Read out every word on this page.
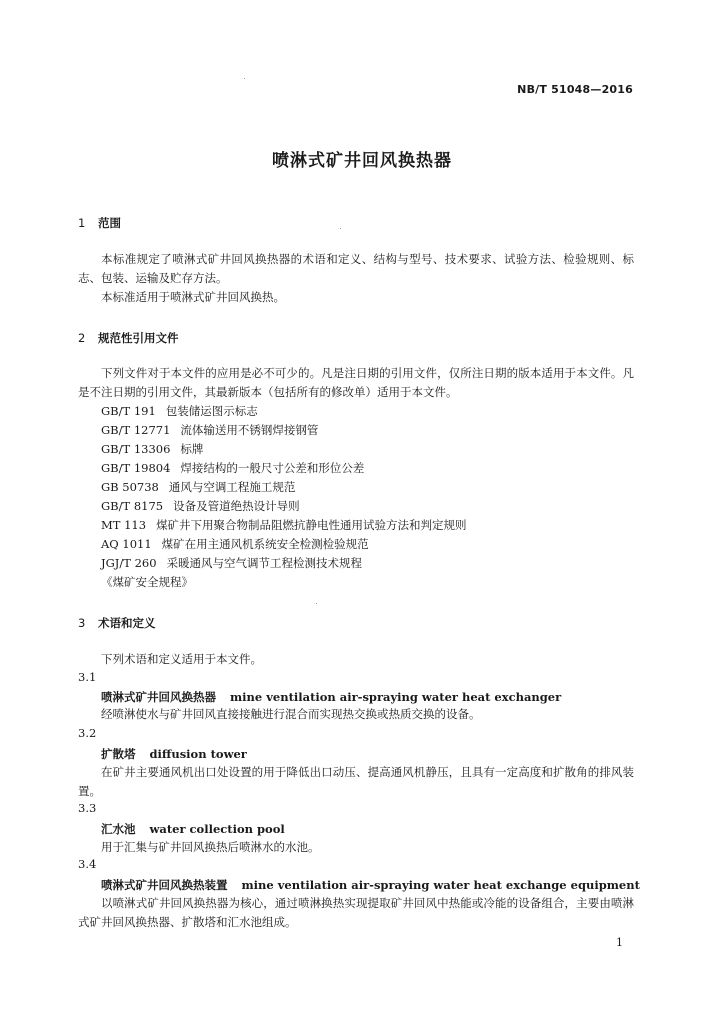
NB/T 51048—2016
喷淋式矿井回风换热器
1 范围
本标准规定了喷淋式矿井回风换热器的术语和定义、结构与型号、技术要求、试验方法、检验规则、标志、包装、运输及贮存方法。
本标准适用于喷淋式矿井回风换热。
2 规范性引用文件
下列文件对于本文件的应用是必不可少的。凡是注日期的引用文件，仅所注日期的版本适用于本文件。凡是不注日期的引用文件，其最新版本（包括所有的修改单）适用于本文件。
GB/T 191 包装储运图示标志
GB/T 12771 流体输送用不锈钢焊接钢管
GB/T 13306 标牌
GB/T 19804 焊接结构的一般尺寸公差和形位公差
GB 50738 通风与空调工程施工规范
GB/T 8175 设备及管道绝热设计导则
MT 113 煤矿井下用聚合物制品阻燃抗静电性通用试验方法和判定规则
AQ 1011 煤矿在用主通风机系统安全检测检验规范
JGJ/T 260 采暖通风与空气调节工程检测技术规程
《煤矿安全规程》
3 术语和定义
下列术语和定义适用于本文件。
3.1
喷淋式矿井回风换热器 mine ventilation air-spraying water heat exchanger
经喷淋使水与矿井回风直接接触进行混合而实现热交换或热质交换的设备。
3.2
扩散塔 diffusion tower
在矿井主要通风机出口处设置的用于降低出口动压、提高通风机静压，且具有一定高度和扩散角的排风装置。
3.3
汇水池 water collection pool
用于汇集与矿井回风换热后喷淋水的水池。
3.4
喷淋式矿井回风换热装置 mine ventilation air-spraying water heat exchange equipment
以喷淋式矿井回风换热器为核心，通过喷淋换热实现提取矿井回风中热能或冷能的设备组合，主要由喷淋式矿井回风换热器、扩散塔和汇水池组成。
1
